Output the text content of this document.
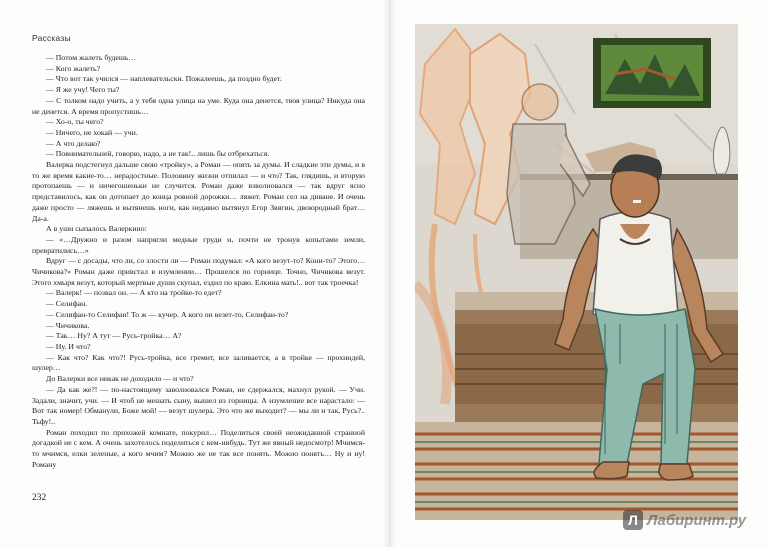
Рассказы

— Потом жалеть будешь…

— Кого жалеть?

— Что вот так учился — наплевательски. Пожалеешь, да поздно будет.

— Я же учу! Чего ты?

— С толком надо учить, а у тебя одна улица на уме. Куда она денется, твоя улица? Никуда она не денется. А время пропустишь…

— Хо-о, ты чего?

— Ничего, не хокай — учи.

— А что делаю?

— Повнимательней, говорю, надо, а не так!.. лишь бы отбрехаться.

Валерка подстегнул дальше свою «тройку», а Роман — опять за думы. И сладкие эти думы, и в то же время какие-то… нерадостные. Половину жизни отпилал — и что? Так, глядишь, и вторую протопаешь — и ничегошеньки не случится. Роман даже взволновался — так вдруг ясно представилось, как он дотопает до конца ровной дорожки… ляжет. Роман сел на диване. И очень даже просто — ляжешь и вытянешь ноги, как недавно вытянул Егор Звягин, двоюродный брат… Да-а.

А в уши сыпалось Валеркино:

— «…Дружно и разом напрягли медные груди и, почти не тронув копытами земли, превратились…»

Вдруг — с досады, что ли, со злости ли — Роман подумал: «А кого везут-то? Кони-то? Этого… Чичикова?» Роман даже привстал в изумлении… Прошелся по горнице. Точно, Чичикова везут. Этого хмыря везут, который мертвые души скупал, ездил по краю. Елкина мать!.. вот так троечка!

— Валерк! — позвал он. — А кто на тройке-то едет?

— Селифан.

— Селифан-то Селифан! То ж — кучер. А кого он везет-то, Селифан-то?

— Чичикова.

— Так… Ну? А тут — Русь-тройка… А?

— Ну. И что?

— Как что? Как что?! Русь-тройка, все гремит, все заливается, а в тройке — прохиндей, шулер…

До Валерки все никак не доходило — и что?

— Да как же?! — по-настоящему заволновался Роман, не сдержался, махнул рукой. — Учи. Задали, значит, учи. — И чтоб не мешать сыну, вышел из горницы. А изумление все нарастало: — Вот так номер! Обманули, Боже мой! — везут шулера. Это что же выходит? — мы ли и так, Русь?.. Тьфу!..

Роман походил по прихожей комнате, покурил… Поделиться своей неожиданной странной догадкой не с кем. А очень захотелось поделиться с кем-нибудь. Тут же явный недосмотр! Мчимся-то мчимся, елки зеленые, а кого мчим? Можно же не так все понять. Можно понять… Ну и ну! Роману

232
Л Лабиринт.ру
